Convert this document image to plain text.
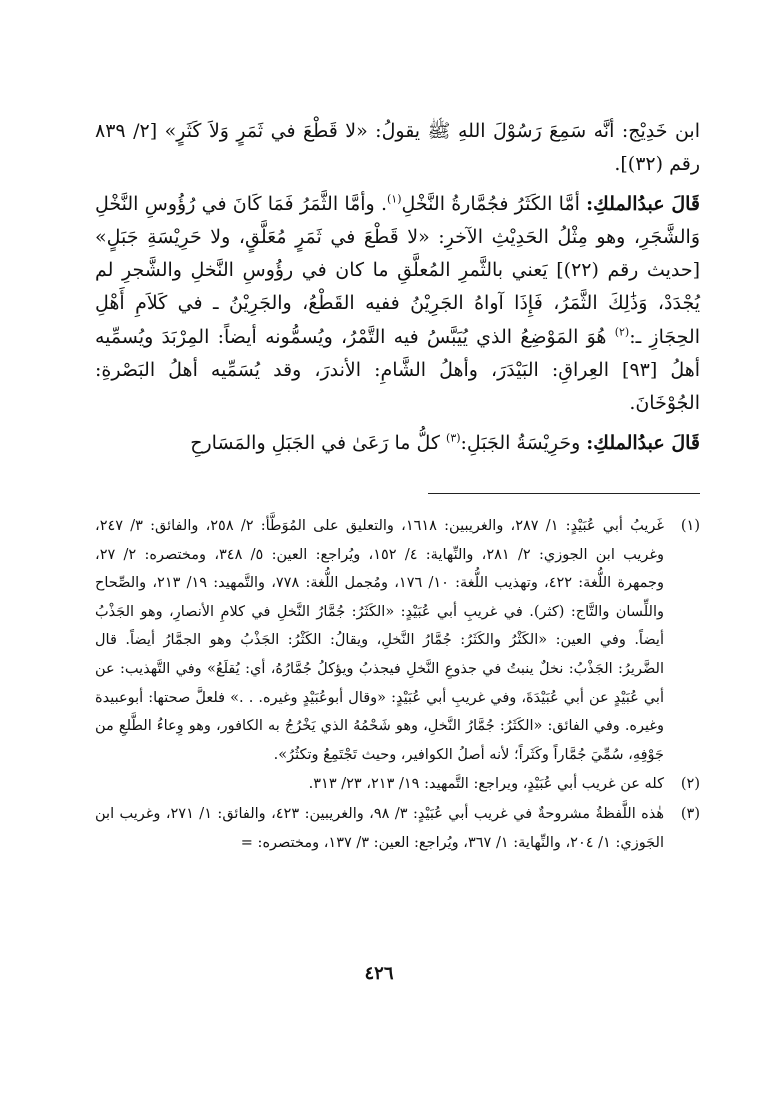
ابن خَدِيْج: أنَّه سَمِعَ رَسُوْلَ اللهِ ﷺ يقولُ: «لا قَطْعَ في ثَمَرٍ وَلاَ كَثَرٍ» [٢/ ٨٣٩ رقم (٣٢)].

قَالَ عبدُالملكِ: أمَّا الكَثَرُ فجُمَّارةُ النَّخْلِ$^{(١)}$. وأمَّا الثَّمَرُ فَمَا كَانَ في رُؤُوسِ النَّخْلِ وَالشَّجَرِ، وهو مِثْلُ الحَدِيْثِ الآخرِ: «لا قَطْعَ في ثَمَرٍ مُعَلَّقٍ، ولا حَرِيْسَةِ جَبَلٍ» [حديث رقم (٢٢)] يَعني بالثَّمرِ المُعلَّقِ ما كان في رؤُوسِ النَّخلِ والشَّجرِ لم يُجْدَدْ، وَذَٰلِكَ الثَّمَرُ، فَإِذَا آواهُ الجَرِيْنُ ففيه القَطْعُ، والجَرِيْنُ ـ في كَلاَمِ أَهْلِ الحِجَازِ ـ:$^{(٢)}$ هُوَ المَوْضِعُ الذي يُيَبَّسُ فيه التَّمْرُ، ويُسمُّونه أيضاً: المِرْبَدَ ويُسمِّيه أهلُ [٩٣] العِراقِ: البَيْدَرَ، وأهلُ الشَّامِ: الأندرَ، وقد يُسَمِّيه أهلُ البَصْرةِ: الجُوْخَانَ.

قَالَ عبدُالملكِ: وحَرِيْسَةُ الجَبَلِ:$^{(٣)}$ كلُّ ما رَعَىٰ في الجَبَلِ والمَسَارحِ

(١)
غَريبُ أبي عُبَيْدٍ: ١/ ٢٨٧، والغريبين: ١٦١٨، والتعليق على المُوَطَّأ: ٢/ ٢٥٨، والفائق: ٣/ ٢٤٧، وغريب ابن الجوزي: ٢/ ٢٨١، والنِّهاية: ٤/ ١٥٢، ويُراجع: العين: ٥/ ٣٤٨، ومختصره: ٢/ ٢٧، وجمهرة اللُّغة: ٤٢٢، وتهذيب اللُّغة: ١٠/ ١٧٦، ومُجمل اللُّغة: ٧٧٨، والتَّمهيد: ١٩/ ٢١٣، والصِّحاح واللِّسان والتَّاج: (كثر). في غريبِ أبي عُبَيْدٍ: «الكَثَرُ: جُمَّارُ النَّخلِ في كلامِ الأنصارِ، وهو الجَذْبُ أيضاً. وفي العين: «الكَثْرُ والكَثَرُ: جُمَّارُ النَّخلِ، ويقالُ: الكَثْرُ: الجَذْبُ وهو الجمَّارُ أيضاً. قال الضَّريرُ: الجَذْبُ: نخلٌ ينبتُ في جذوعِ النَّخلِ فيجذبُ ويؤكلُ جُمَّارُهُ، أي: يُقلَعُ» وفي التَّهذيب: عن أبي عُبَيْدٍ عن أبي عُبَيْدَةَ، وفي غريبِ أبي عُبَيْدٍ: «وقال أبوعُبَيْدٍ وغيره. . .» فلعلَّ صحتها: أبوعبيدة وغيره. وفي الفائق: «الكَثَرُ: جُمَّارُ النَّخلِ، وهو شَحْمُهُ الذي يَخْرُجُ به الكافور، وهو وِعاءُ الطَّلعِ من جَوْفِهِ، سُمِّيَ جُمَّاراً وكَثَراً؛ لأنه أصلُ الكوافير، وحيث تَجْتَمِعُ وتكثُرُ».
(٢)
كله عن غريب أبي عُبَيْدٍ، ويراجع: التَّمهيد: ١٩/ ٢١٣، ٢٣/ ٣١٣.
(٣)
هٰذه اللَّفظةُ مشروحةٌ في غريب أبي عُبَيْدٍ: ٣/ ٩٨، والغريبين: ٤٢٣، والفائق: ١/ ٢٧١، وغريب ابن الجَوزي: ١/ ٢٠٤، والنِّهاية: ١/ ٣٦٧، ويُراجع: العين: ٣/ ١٣٧، ومختصره: =
٤٢٦
